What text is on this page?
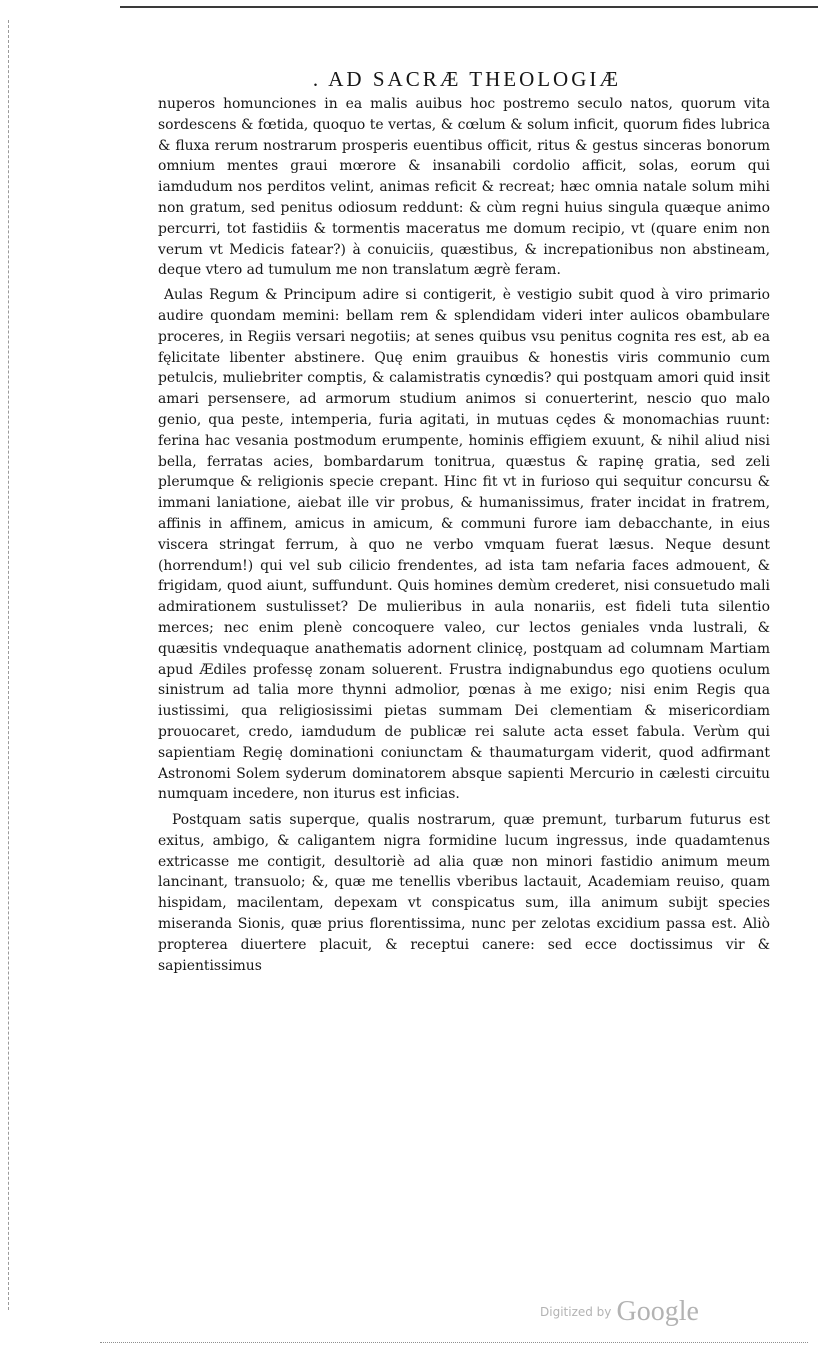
. AD SACRÆ THEOLOGIÆ

nuperos homunciones in ea malis auibus hoc postremo seculo natos, quorum vita sordescens & fœtida, quoquo te vertas, & cœlum & solum inficit, quorum fides lubrica & fluxa rerum nostrarum prosperis euentibus officit, ritus & gestus sinceras bonorum omnium mentes graui mœrore & insanabili cordolio afficit, solas, eorum qui iamdudum nos perditos velint, animas reficit & recreat; hæc omnia natale solum mihi non gratum, sed penitus odiosum reddunt: & cùm regni huius singula quæque animo percurri, tot fastidiis & tormentis maceratus me domum recipio, vt (quare enim non verum vt Medicis fatear?) à conuiciis, quæstibus, & increpationibus non abstineam, deque vtero ad tumulum me non translatum ægrè feram.

Aulas Regum & Principum adire si contigerit, è vestigio subit quod à viro primario audire quondam memini: bellam rem & splendidam videri inter aulicos obambulare proceres, in Regiis versari negotiis; at senes quibus vsu penitus cognita res est, ab ea fęlicitate libenter abstinere. Quę enim grauibus & honestis viris communio cum petulcis, muliebriter comptis, & calamistratis cynœdis? qui postquam amori quid insit amari persensere, ad armorum studium animos si conuerterint, nescio quo malo genio, qua peste, intemperia, furia agitati, in mutuas cędes & monomachias ruunt: ferina hac vesania postmodum erumpente, hominis effigiem exuunt, & nihil aliud nisi bella, ferratas acies, bombardarum tonitrua, quæstus & rapinę gratia, sed zeli plerumque & religionis specie crepant. Hinc fit vt in furioso qui sequitur concursu & immani laniatione, aiebat ille vir probus, & humanissimus, frater incidat in fratrem, affinis in affinem, amicus in amicum, & communi furore iam debacchante, in eius viscera stringat ferrum, à quo ne verbo vmquam fuerat læsus. Neque desunt (horrendum!) qui vel sub cilicio frendentes, ad ista tam nefaria faces admouent, & frigidam, quod aiunt, suffundunt. Quis homines demùm crederet, nisi consuetudo mali admirationem sustulisset? De mulieribus in aula nonariis, est fideli tuta silentio merces; nec enim plenè concoquere valeo, cur lectos geniales vnda lustrali, & quæsitis vndequaque anathematis adornent clinicę, postquam ad columnam Martiam apud Ædiles professę zonam soluerent. Frustra indignabundus ego quotiens oculum sinistrum ad talia more thynni admolior, pœnas à me exigo; nisi enim Regis qua iustissimi, qua religiosissimi pietas summam Dei clementiam & misericordiam prouocaret, credo, iamdudum de publicæ rei salute acta esset fabula. Verùm qui sapientiam Regię dominationi coniunctam & thaumaturgam viderit, quod adfirmant Astronomi Solem syderum dominatorem absque sapienti Mercurio in cælesti circuitu numquam incedere, non iturus est inficias.

Postquam satis superque, qualis nostrarum, quæ premunt, turbarum futurus est exitus, ambigo, & caligantem nigra formidine lucum ingressus, inde quadamtenus extricasse me contigit, desultoriè ad alia quæ non minori fastidio animum meum lancinant, transuolo; &, quæ me tenellis vberibus lactauit, Academiam reuiso, quam hispidam, macilentam, depexam vt conspicatus sum, illa animum subijt species miseranda Sionis, quæ prius florentissima, nunc per zelotas excidium passa est. Aliò propterea diuertere placuit, & receptui canere: sed ecce doctissimus vir & sapientissimus

Digitized by Google
